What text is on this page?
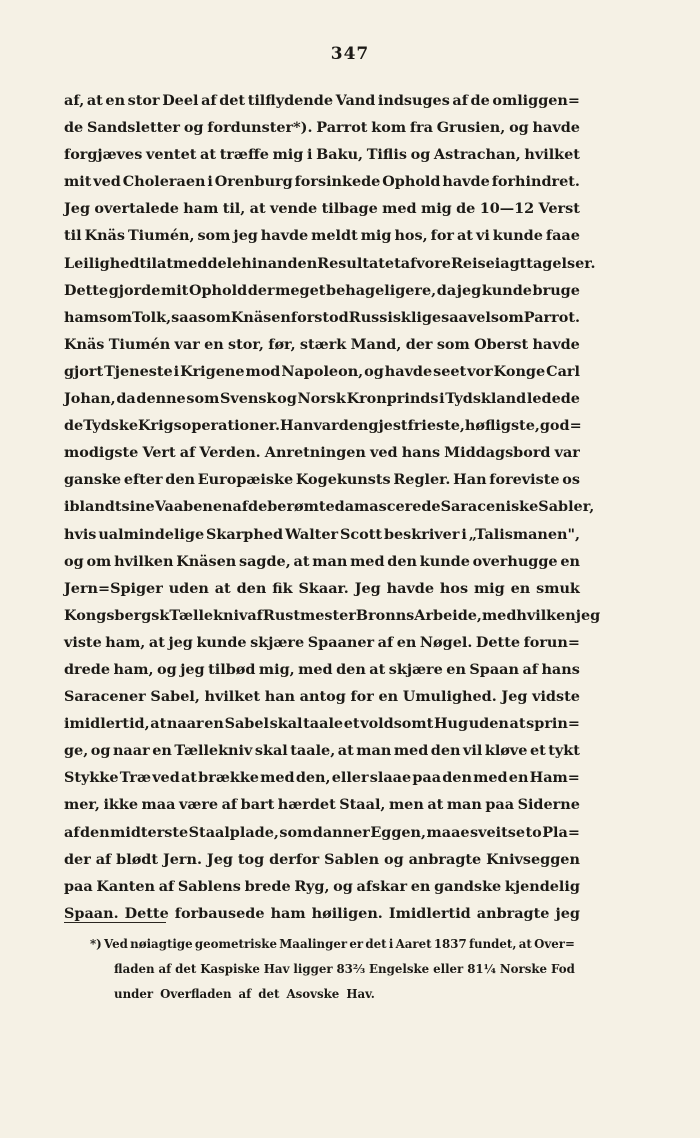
347
af, at en stor Deel af det tilflydende Vand indsuges af de omliggen=
de Sandsletter og fordunster*). Parrot kom fra Grusien, og havde
forgjæves ventet at træffe mig i Baku, Tiflis og Astrachan, hvilket
mit ved Choleraen i Orenburg forsinkede Ophold havde forhindret.
Jeg overtalede ham til, at vende tilbage med mig de 10—12 Verst
til Knäs Tiumén, som jeg havde meldt mig hos, for at vi kunde faae
Leilighed til at meddele hinanden Resultatet af vore Reiseiagttagelser.
Dette gjorde mit Ophold der meget behageligere, da jeg kunde bruge
ham som Tolk, saasom Knäsen forstod Russisk ligesaavelsom Parrot.
Knäs Tiumén var en stor, før, stærk Mand, der som Oberst havde
gjort Tjeneste i Krigene mod Napoleon, og havde seet vor Konge Carl
Johan, da denne som Svensk og Norsk Kronprinds i Tydskland ledede
de Tydske Krigsoperationer. Han var den gjestfrieste, høfligste, god=
modigste Vert af Verden. Anretningen ved hans Middagsbord var
ganske efter den Europæiske Kogekunsts Regler. Han foreviste os
iblandt sine Vaaben en af de berømte damascerede Saraceniske Sabler,
hvis ualmindelige Skarphed Walter Scott beskriver i „Talismanen",
og om hvilken Knäsen sagde, at man med den kunde overhugge en
Jern=Spiger uden at den fik Skaar. Jeg havde hos mig en smuk
Kongsbergsk Tællekniv af Rustmester Bronns Arbeide, med hvilken jeg
viste ham, at jeg kunde skjære Spaaner af en Nøgel. Dette forun=
drede ham, og jeg tilbød mig, med den at skjære en Spaan af hans
Saracener Sabel, hvilket han antog for en Umulighed. Jeg vidste
imidlertid, at naar en Sabel skal taale et voldsomt Hug uden at sprin=
ge, og naar en Tællekniv skal taale, at man med den vil kløve et tykt
Stykke Træ ved at brække med den, eller slaae paa den med en Ham=
mer, ikke maa være af bart hærdet Staal, men at man paa Siderne
af den midterste Staalplade, som danner Eggen, maae sveitse to Pla=
der af blødt Jern. Jeg tog derfor Sablen og anbragte Knivseggen
paa Kanten af Sablens brede Ryg, og afskar en gandske kjendelig
Spaan. Dette forbausede ham høiligen. Imidlertid anbragte jeg
*) Ved nøiagtige geometriske Maalinger er det i Aaret 1837 fundet, at Over=
fladen af det Kaspiske Hav ligger 83⅔ Engelske eller 81¼ Norske Fod
under Overfladen af det Asovske Hav.
